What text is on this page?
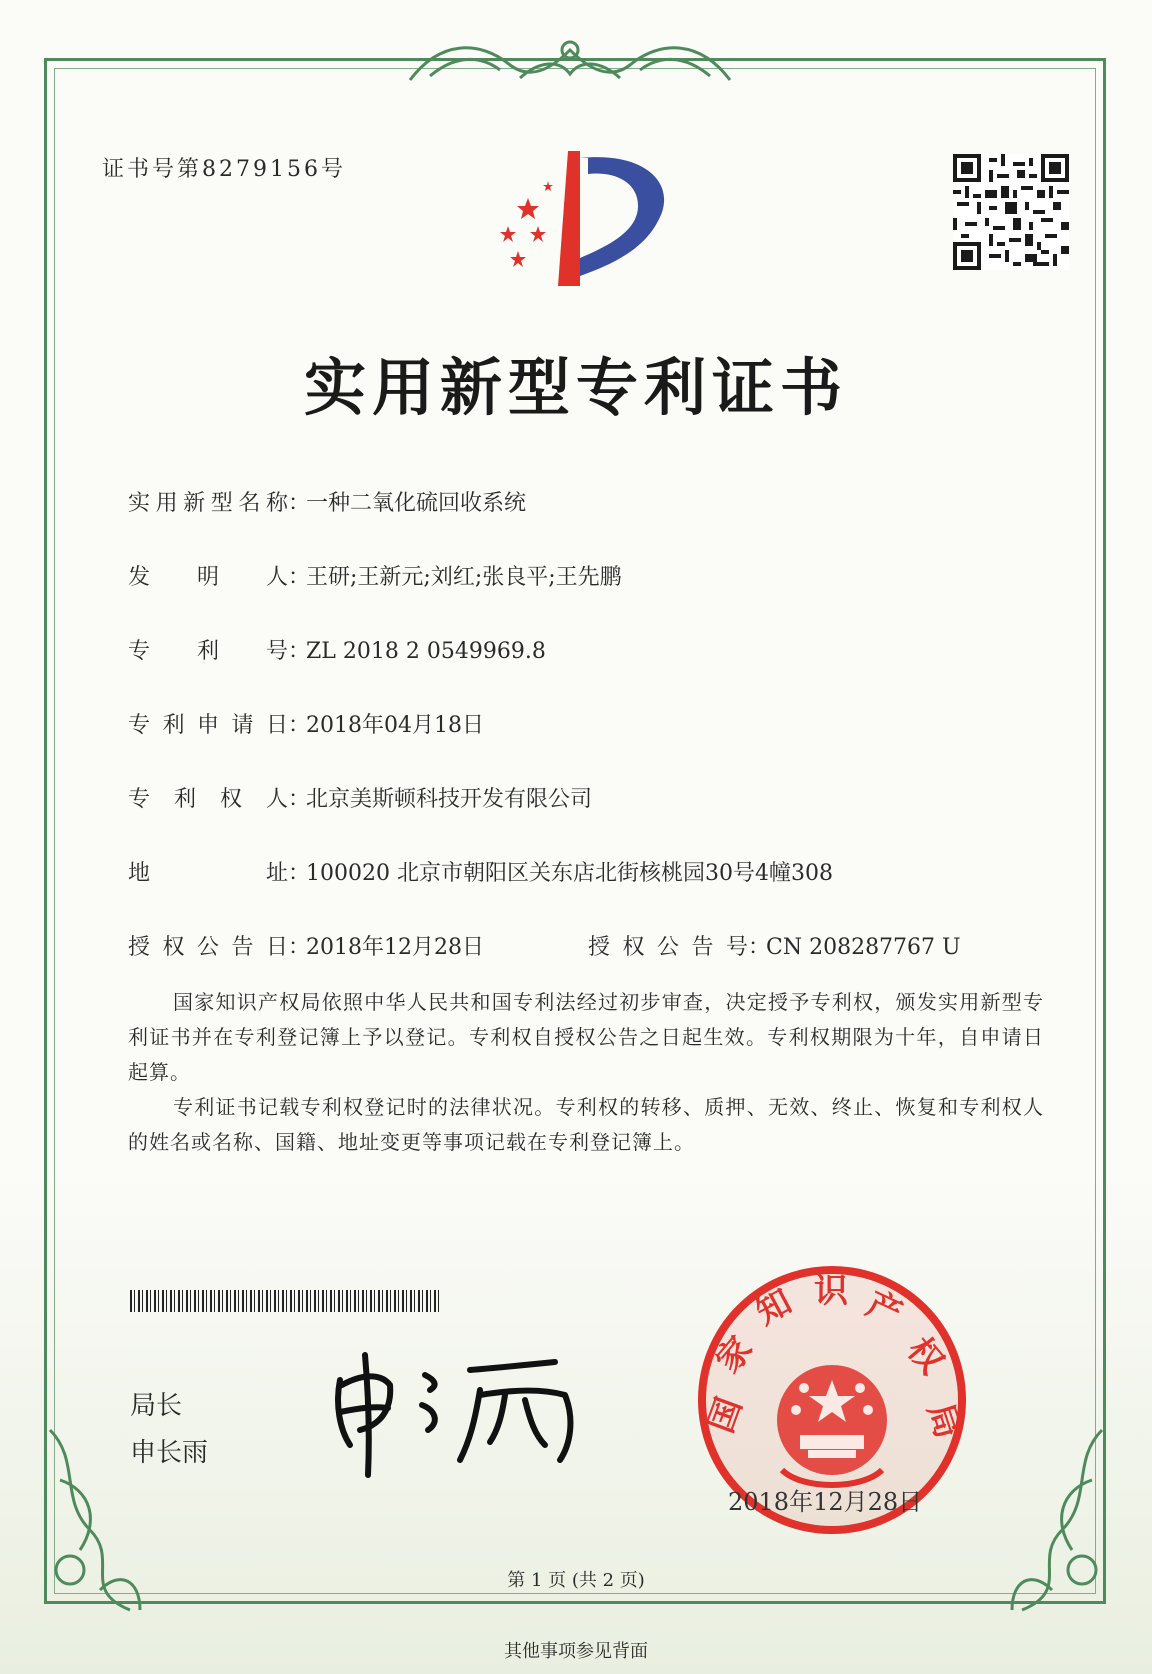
证书号第8279156号
实用新型专利证书
实用新型名称：一种二氧化硫回收系统
发明人：王研;王新元;刘红;张良平;王先鹏
专利号：ZL 2018 2 0549969.8
专利申请日：2018年04月18日
专利权人：北京美斯顿科技开发有限公司
地址：100020 北京市朝阳区关东店北街核桃园30号4幢308
授权公告日：2018年12月28日	授权公告号：CN 208287767 U
国家知识产权局依照中华人民共和国专利法经过初步审查，决定授予专利权，颁发实用新型专利证书并在专利登记簿上予以登记。专利权自授权公告之日起生效。专利权期限为十年，自申请日起算。
专利证书记载专利权登记时的法律状况。专利权的转移、质押、无效、终止、恢复和专利权人的姓名或名称、国籍、地址变更等事项记载在专利登记簿上。
局长
申长雨
国
家
知 识 产
权
局
2018年12月28日
第 1 页 (共 2 页)
其他事项参见背面
